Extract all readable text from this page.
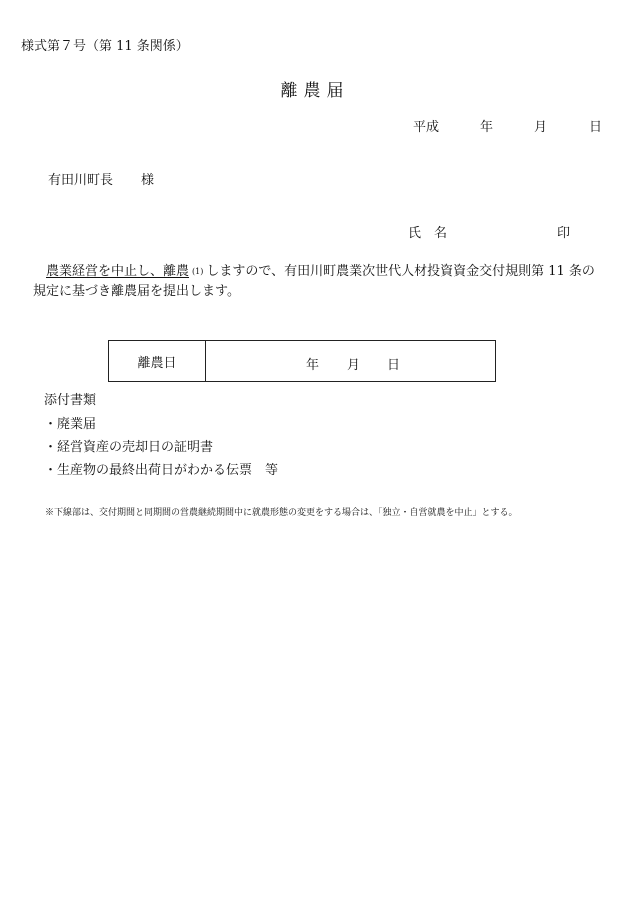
様式第７号（第 11 条関係）
離農届
平成	年	月	日
有田川町長 様
氏　名	印
農業経営を中止し、離農 (1) しますので、有田川町農業次世代人材投資資金交付規則第 11 条の規定に基づき離農届を提出します。
離農日	年 月 日
添付書類
・廃業届
・経営資産の売却日の証明書
・生産物の最終出荷日がわかる伝票　等
※下線部は、交付期間と同期間の営農継続期間中に就農形態の変更をする場合は、「独立・自営就農を中止」とする。
